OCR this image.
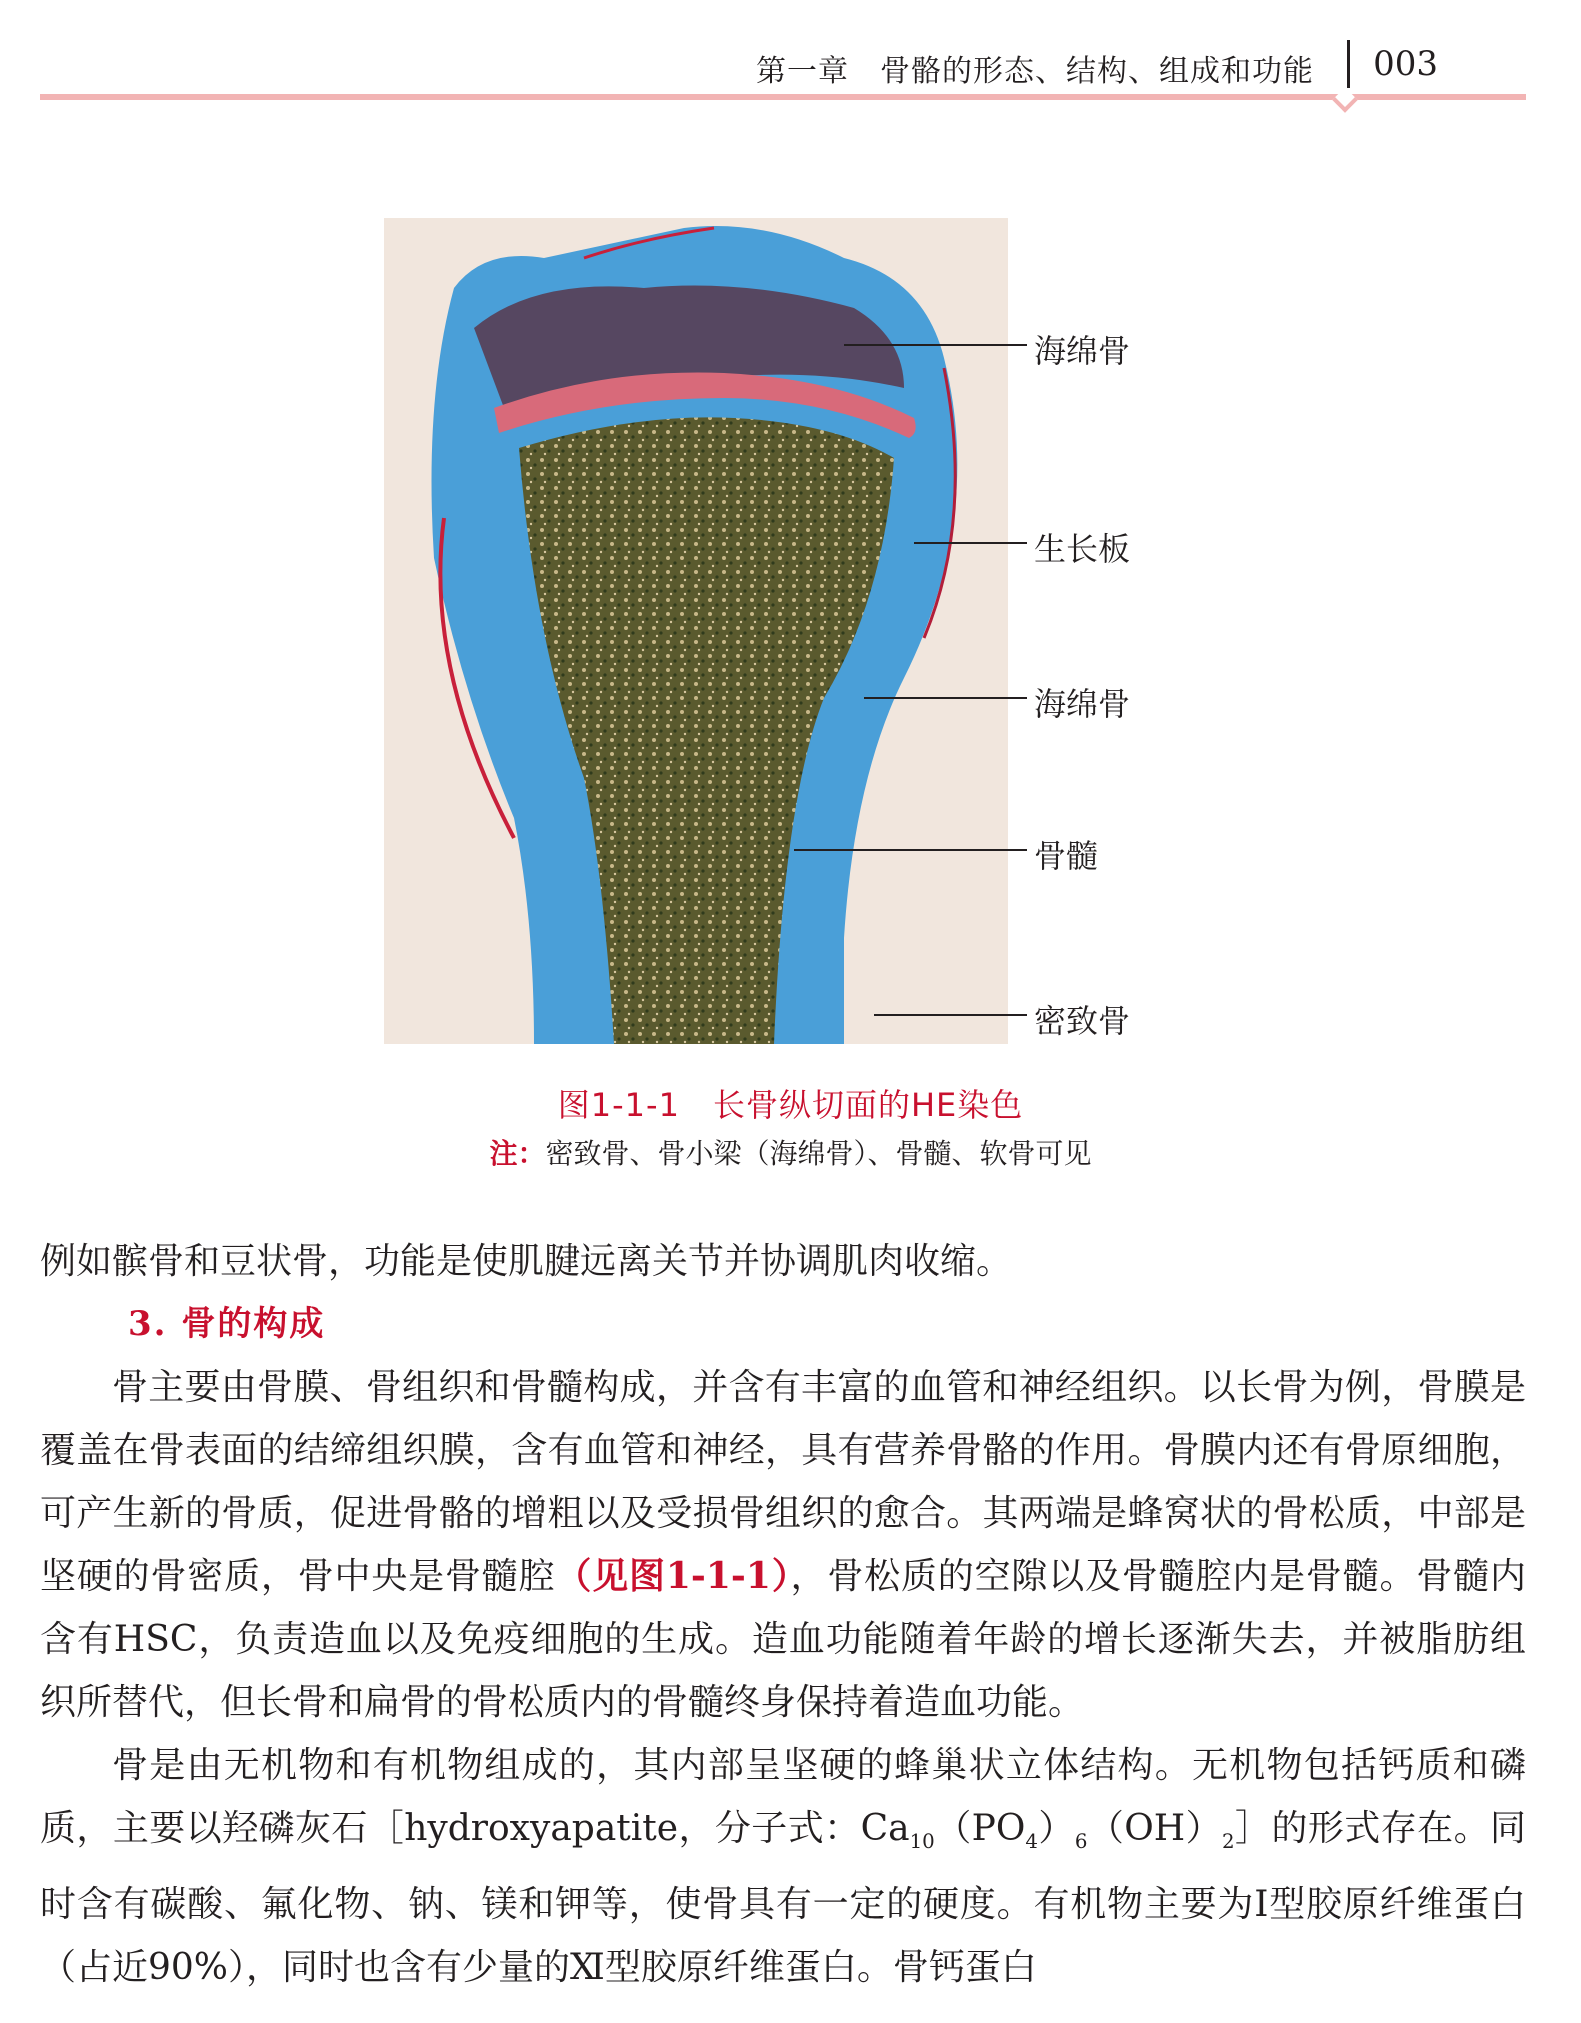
第一章　骨骼的形态、结构、组成和功能 003
海绵骨
生长板
海绵骨
骨髓
密致骨
图1-1-1　长骨纵切面的HE染色
注：密致骨、骨小梁（海绵骨）、骨髓、软骨可见

例如髌骨和豆状骨，功能是使肌腱远离关节并协调肌肉收缩。

3. 骨的构成

骨主要由骨膜、骨组织和骨髓构成，并含有丰富的血管和神经组织。以长骨为例，骨膜是覆盖在骨表面的结缔组织膜，含有血管和神经，具有营养骨骼的作用。骨膜内还有骨原细胞，可产生新的骨质，促进骨骼的增粗以及受损骨组织的愈合。其两端是蜂窝状的骨松质，中部是坚硬的骨密质，骨中央是骨髓腔（见图1-1-1），骨松质的空隙以及骨髓腔内是骨髓。骨髓内含有HSC，负责造血以及免疫细胞的生成。造血功能随着年龄的增长逐渐失去，并被脂肪组织所替代，但长骨和扁骨的骨松质内的骨髓终身保持着造血功能。

骨是由无机物和有机物组成的，其内部呈坚硬的蜂巢状立体结构。无机物包括钙质和磷质，主要以羟磷灰石［hydroxyapatite，分子式：$Ca_{10}(PO_4)_6(OH)_2]$的形式存在。同时含有碳酸、氟化物、钠、镁和钾等，使骨具有一定的硬度。有机物主要为Ⅰ型胶原纤维蛋白（占近90%），同时也含有少量的Ⅺ型胶原纤维蛋白。骨钙蛋白
